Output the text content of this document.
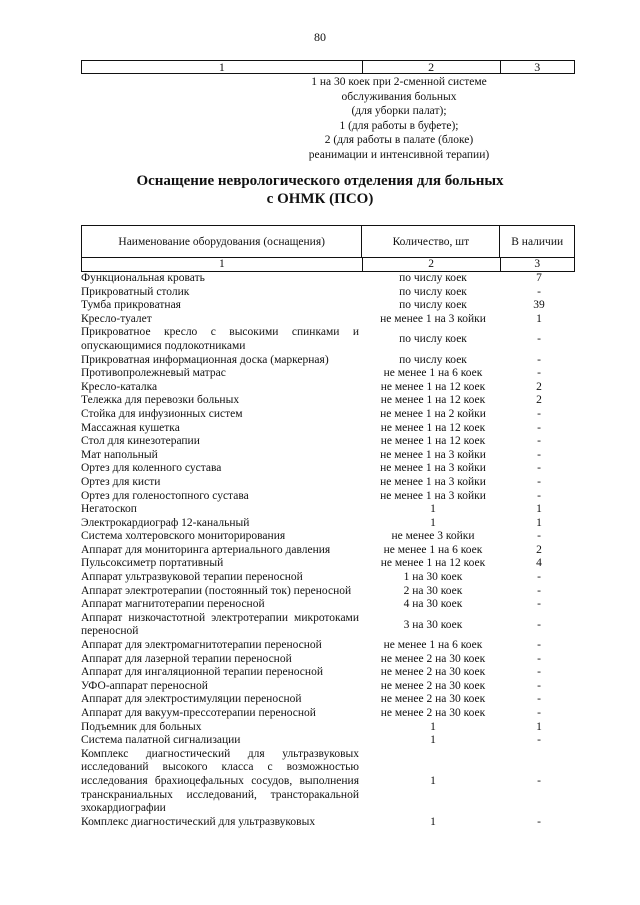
80
1	2	3
1 на 30 коек при 2-сменной системе
обслуживания больных
(для уборки палат);
1 (для работы в буфете);
2 (для работы в палате (блоке)
реанимации и интенсивной терапии)
Оснащение неврологического отделения для больных
с ОНМК (ПСО)
Наименование оборудования (оснащения)	Количество, шт	В наличии
1	2	3
Функциональная кровать	по числу коек	7
Прикроватный столик	по числу коек	-
Тумба прикроватная	по числу коек	39
Кресло-туалет	не менее 1 на 3 койки	1
Прикроватное кресло с высокими спинками и опускающимися подлокотниками
по числу коек	-
Прикроватная информационная доска (маркерная)	по числу коек	-
Противопролежневый матрас	не менее 1 на 6 коек	-
Кресло-каталка	не менее 1 на 12 коек	2
Тележка для перевозки больных	не менее 1 на 12 коек	2
Стойка для инфузионных систем	не менее 1 на 2 койки	-
Массажная кушетка	не менее 1 на 12 коек	-
Стол для кинезотерапии	не менее 1 на 12 коек	-
Мат напольный	не менее 1 на 3 койки	-
Ортез для коленного сустава	не менее 1 на 3 койки	-
Ортез для кисти	не менее 1 на 3 койки	-
Ортез для голеностопного сустава	не менее 1 на 3 койки	-
Негатоскоп	1	1
Электрокардиограф 12-канальный	1	1
Система холтеровского мониторирования	не менее 3 койки	-
Аппарат для мониторинга артериального давления	не менее 1 на 6 коек	2
Пульсоксиметр портативный	не менее 1 на 12 коек	4
Аппарат ультразвуковой терапии переносной	1 на 30 коек	-
Аппарат электротерапии (постоянный ток) переносной	2 на 30 коек	-
Аппарат магнитотерапии переносной	4 на 30 коек	-
Аппарат низкочастотной электротерапии микротоками переносной
3 на 30 коек	-
Аппарат для электромагнитотерапии переносной	не менее 1 на 6 коек	-
Аппарат для лазерной терапии переносной	не менее 2 на 30 коек	-
Аппарат для ингаляционной терапии переносной	не менее 2 на 30 коек	-
УФО-аппарат переносной	не менее 2 на 30 коек	-
Аппарат для электростимуляции переносной	не менее 2 на 30 коек	-
Аппарат для вакуум-прессотерапии переносной	не менее 2 на 30 коек	-
Подъемник для больных	1	1
Система палатной сигнализации	1	-
Комплекс диагностический для ультразвуковых исследований высокого класса с возможностью исследования брахиоцефальных сосудов, выполнения транскраниальных исследований, трансторакальной эхокардиографии
1	-
Комплекс диагностический для ультразвуковых	1	-
